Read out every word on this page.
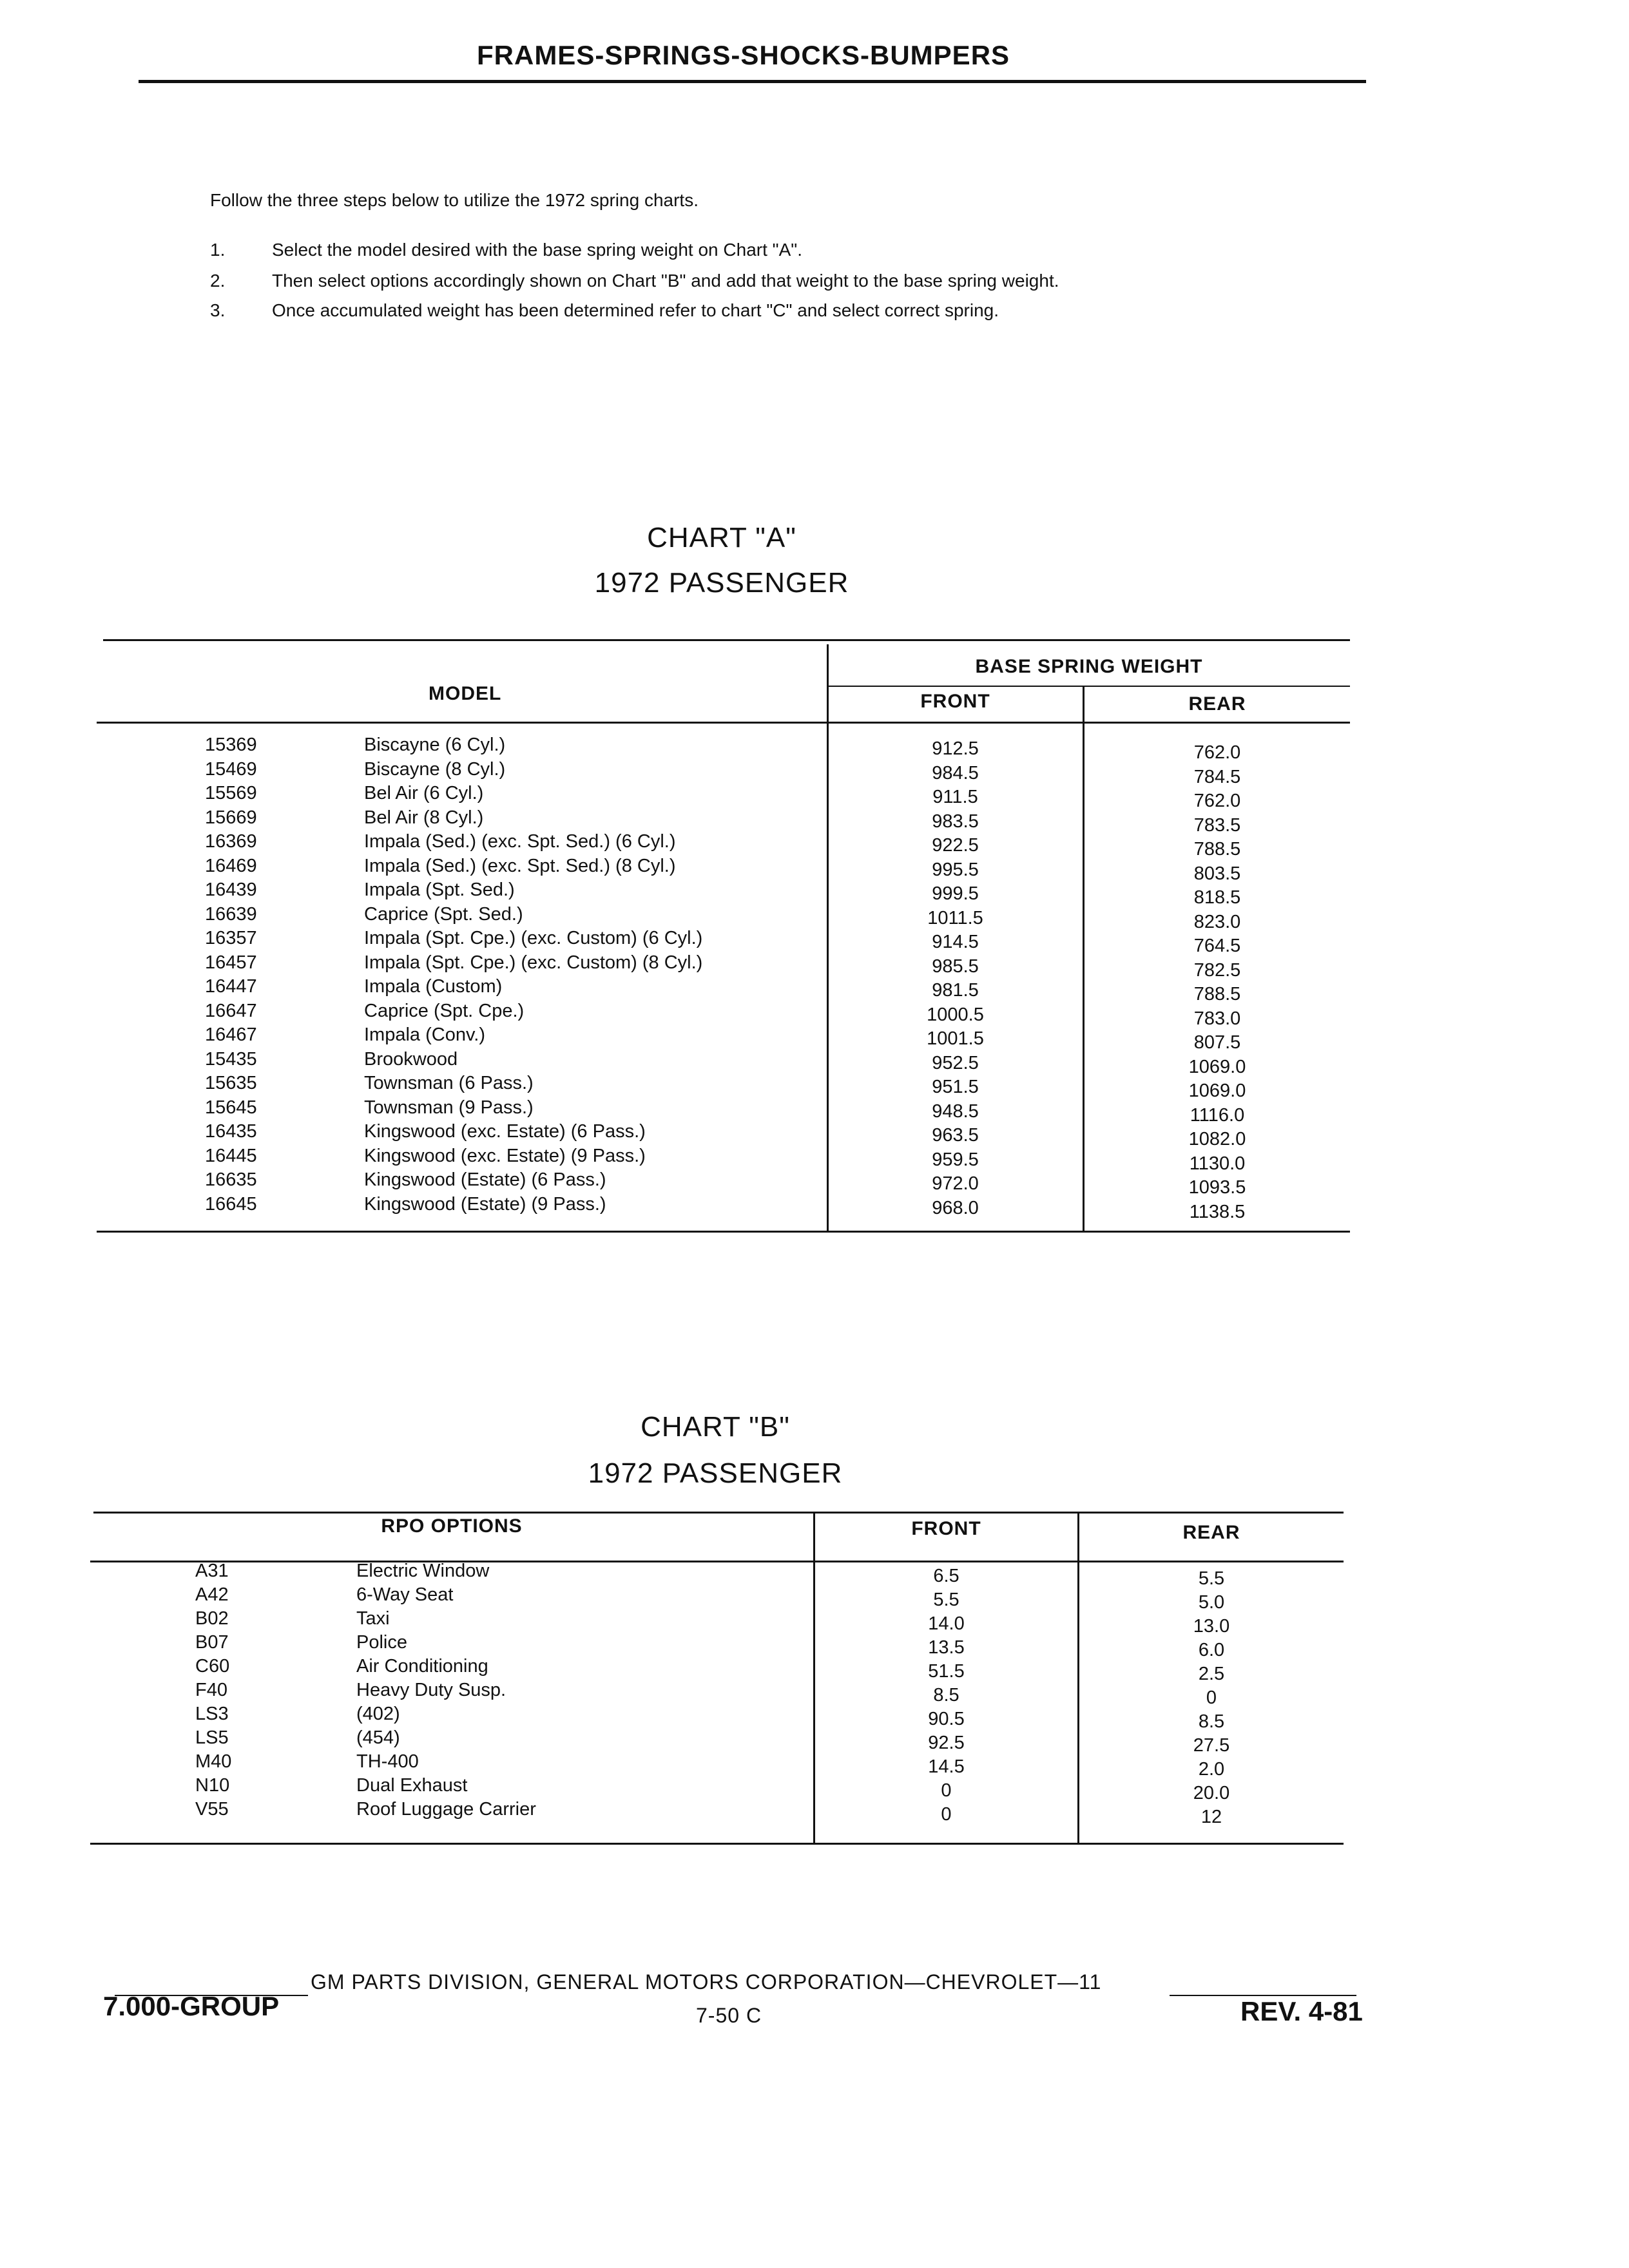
FRAMES-SPRINGS-SHOCKS-BUMPERS
Follow the three steps below to utilize the 1972 spring charts.
1.	Select the model desired with the base spring weight on Chart "A".
2.	Then select options accordingly shown on Chart "B" and add that weight to the base spring weight.
3.	Once accumulated weight has been determined refer to chart "C" and select correct spring.
CHART "A"
1972 PASSENGER
MODEL
BASE SPRING WEIGHT
FRONT	REAR
15369	Biscayne (6 Cyl.)	912.5	762.0
15469	Biscayne (8 Cyl.)	984.5	784.5
15569	Bel Air (6 Cyl.)	911.5	762.0
15669	Bel Air (8 Cyl.)	983.5	783.5
16369	Impala (Sed.) (exc. Spt. Sed.) (6 Cyl.)	922.5	788.5
16469	Impala (Sed.) (exc. Spt. Sed.) (8 Cyl.)	995.5	803.5
16439	Impala (Spt. Sed.)	999.5	818.5
16639	Caprice (Spt. Sed.)	1011.5	823.0
16357	Impala (Spt. Cpe.) (exc. Custom) (6 Cyl.)	914.5	764.5
16457	Impala (Spt. Cpe.) (exc. Custom) (8 Cyl.)	985.5	782.5
16447	Impala (Custom)	981.5	788.5
16647	Caprice (Spt. Cpe.)	1000.5	783.0
16467	Impala (Conv.)	1001.5	807.5
15435	Brookwood	952.5	1069.0
15635	Townsman (6 Pass.)	951.5	1069.0
15645	Townsman (9 Pass.)	948.5	1116.0
16435	Kingswood (exc. Estate) (6 Pass.)	963.5	1082.0
16445	Kingswood (exc. Estate) (9 Pass.)	959.5	1130.0
16635	Kingswood (Estate) (6 Pass.)	972.0	1093.5
16645	Kingswood (Estate) (9 Pass.)	968.0	1138.5
CHART "B"
1972 PASSENGER
RPO OPTIONS	FRONT	REAR
A31	Electric Window	6.5	5.5
A42	6-Way Seat	5.5	5.0
B02	Taxi	14.0	13.0
B07	Police	13.5	6.0
C60	Air Conditioning	51.5	2.5
F40	Heavy Duty Susp.	8.5	0
LS3	(402)	90.5	8.5
LS5	(454)	92.5	27.5
M40	TH-400	14.5	2.0
N10	Dual Exhaust	0	20.0
V55	Roof Luggage Carrier	0	12
GM PARTS DIVISION, GENERAL MOTORS CORPORATION—CHEVROLET—11
7.000-GROUP	7-50 C	REV. 4-81
